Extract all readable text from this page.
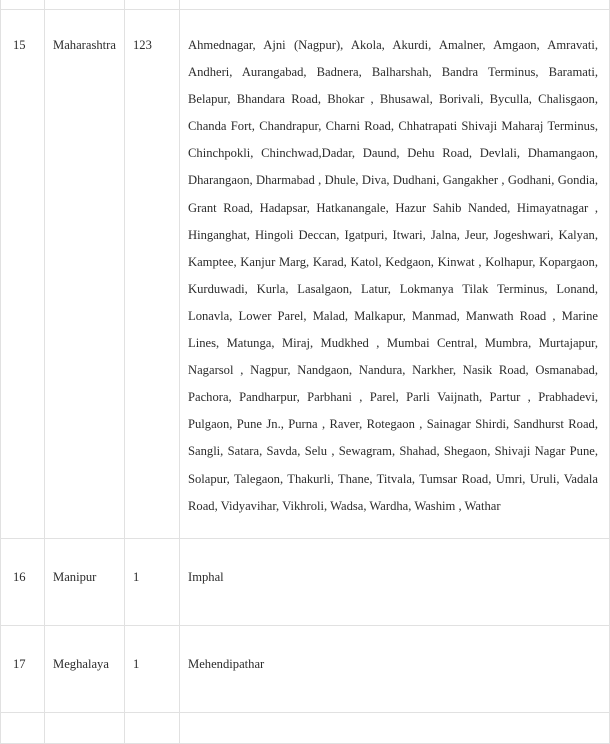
15	Maharashtra	123	Ahmednagar, Ajni (Nagpur), Akola, Akurdi, Amalner, Amgaon, Amravati, Andheri, Aurangabad, Badnera, Balharshah, Bandra Terminus, Baramati, Belapur, Bhandara Road, Bhokar , Bhusawal, Borivali, Byculla, Chalisgaon, Chanda Fort, Chandrapur, Charni Road, Chhatrapati Shivaji Maharaj Terminus, Chinchpokli, Chinchwad,Dadar, Daund, Dehu Road, Devlali, Dhamangaon, Dharangaon, Dharmabad , Dhule, Diva, Dudhani, Gangakher , Godhani, Gondia, Grant Road, Hadapsar, Hatkanangale, Hazur Sahib Nanded, Himayatnagar , Hinganghat, Hingoli Deccan, Igatpuri, Itwari, Jalna, Jeur, Jogeshwari, Kalyan, Kamptee, Kanjur Marg, Karad, Katol, Kedgaon, Kinwat , Kolhapur, Kopargaon, Kurduwadi, Kurla, Lasalgaon, Latur, Lokmanya Tilak Terminus, Lonand, Lonavla, Lower Parel, Malad, Malkapur, Manmad, Manwath Road , Marine Lines, Matunga, Miraj, Mudkhed , Mumbai Central, Mumbra, Murtajapur, Nagarsol , Nagpur, Nandgaon, Nandura, Narkher, Nasik Road, Osmanabad, Pachora, Pandharpur, Parbhani , Parel, Parli Vaijnath, Partur , Prabhadevi, Pulgaon, Pune Jn., Purna , Raver, Rotegaon , Sainagar Shirdi, Sandhurst Road, Sangli, Satara, Savda, Selu , Sewagram, Shahad, Shegaon, Shivaji Nagar Pune, Solapur, Talegaon, Thakurli, Thane, Titvala, Tumsar Road, Umri, Uruli, Vadala Road, Vidyavihar, Vikhroli, Wadsa, Wardha, Washim , Wathar	

16	Manipur	1	Imphal	

17	Meghalaya	1	Mehendipathar	
